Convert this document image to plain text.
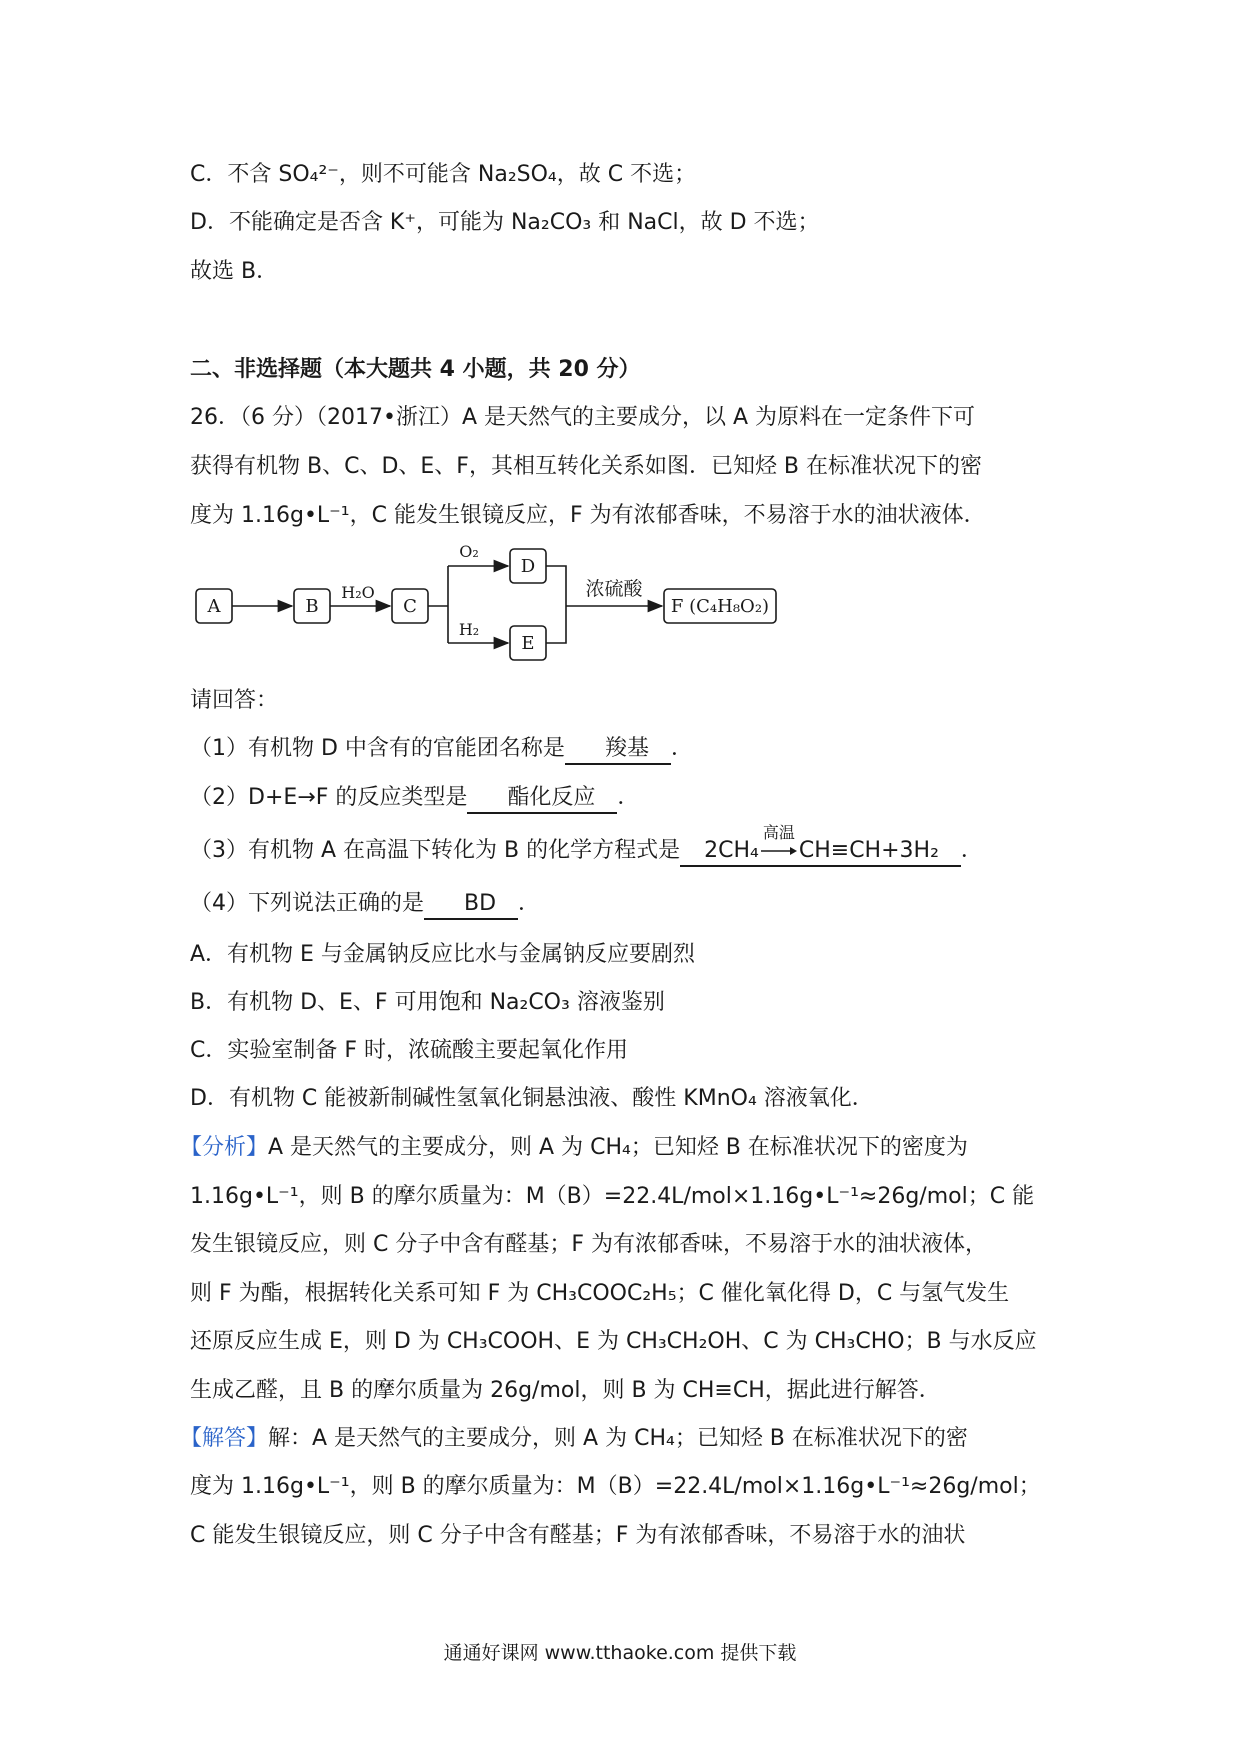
C．不含 SO₄²⁻，则不可能含 Na₂SO₄，故 C 不选；
D．不能确定是否含 K⁺，可能为 Na₂CO₃ 和 NaCl，故 D 不选；
故选 B．
二、非选择题（本大题共 4 小题，共 20 分）
26．（6 分）（2017•浙江）A 是天然气的主要成分，以 A 为原料在一定条件下可
获得有机物 B、C、D、E、F，其相互转化关系如图．已知烃 B 在标准状况下的密
度为 1.16g•L⁻¹，C 能发生银镜反应，F 为有浓郁香味，不易溶于水的油状液体．
A	B	C
D
E
F (C₄H₈O₂)
H₂O
O₂
H₂
浓硫酸
请回答：
（1）有机物 D 中含有的官能团名称是 羧基 ．
（2）D+E→F 的反应类型是 酯化反应 ．
（3）有机物 A 在高温下转化为 B 的化学方程式是 2CH₄
高温
CH≡CH+3H₂ ．
（4）下列说法正确的是 BD ．
A．有机物 E 与金属钠反应比水与金属钠反应要剧烈
B．有机物 D、E、F 可用饱和 Na₂CO₃ 溶液鉴别
C．实验室制备 F 时，浓硫酸主要起氧化作用
D．有机物 C 能被新制碱性氢氧化铜悬浊液、酸性 KMnO₄ 溶液氧化．
【分析】A 是天然气的主要成分，则 A 为 CH₄；已知烃 B 在标准状况下的密度为
1.16g•L⁻¹，则 B 的摩尔质量为：M（B）=22.4L/mol×1.16g•L⁻¹≈26g/mol；C 能
发生银镜反应，则 C 分子中含有醛基；F 为有浓郁香味，不易溶于水的油状液体，
则 F 为酯，根据转化关系可知 F 为 CH₃COOC₂H₅；C 催化氧化得 D，C 与氢气发生
还原反应生成 E，则 D 为 CH₃COOH、E 为 CH₃CH₂OH、C 为 CH₃CHO；B 与水反应
生成乙醛，且 B 的摩尔质量为 26g/mol，则 B 为 CH≡CH，据此进行解答．
【解答】解：A 是天然气的主要成分，则 A 为 CH₄；已知烃 B 在标准状况下的密
度为 1.16g•L⁻¹，则 B 的摩尔质量为：M（B）=22.4L/mol×1.16g•L⁻¹≈26g/mol；
C 能发生银镜反应，则 C 分子中含有醛基；F 为有浓郁香味，不易溶于水的油状
通通好课网 www.tthaoke.com 提供下载
